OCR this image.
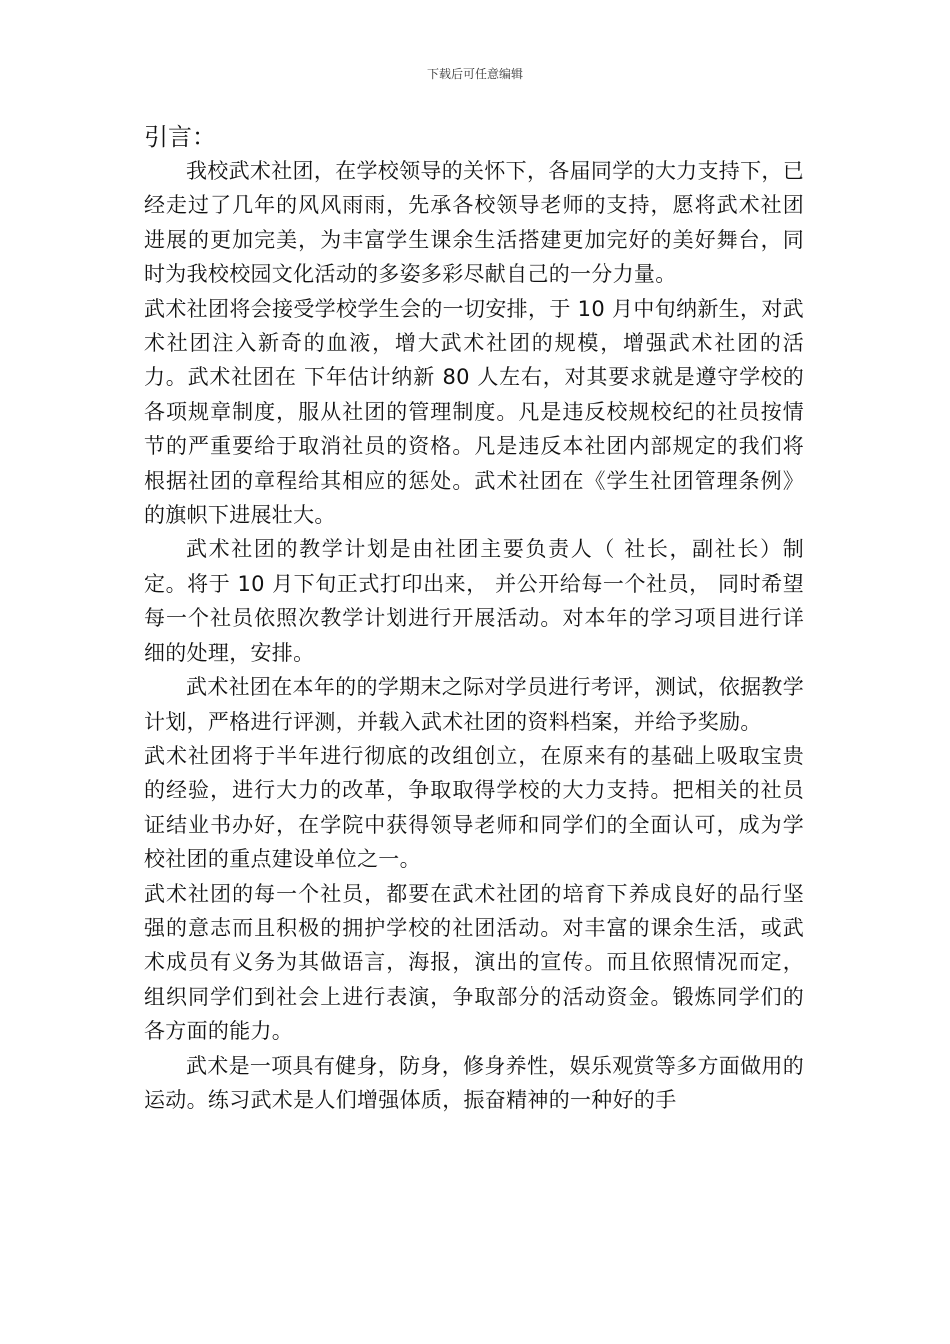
下载后可任意编辑
引言：

我校武术社团，在学校领导的关怀下，各届同学的大力支持下，已经走过了几年的风风雨雨，先承各校领导老师的支持，愿将武术社团进展的更加完美，为丰富学生课余生活搭建更加完好的美好舞台，同时为我校校园文化活动的多姿多彩尽献自己的一分力量。

武术社团将会接受学校学生会的一切安排，于 10 月中旬纳新生，对武术社团注入新奇的血液，增大武术社团的规模，增强武术社团的活力。武术社团在 下年估计纳新 80 人左右，对其要求就是遵守学校的各项规章制度，服从社团的管理制度。凡是违反校规校纪的社员按情节的严重要给于取消社员的资格。凡是违反本社团内部规定的我们将根据社团的章程给其相应的惩处。武术社团在《学生社团管理条例》的旗帜下进展壮大。

武术社团的教学计划是由社团主要负责人（ 社长，副社长）制定。将于 10 月下旬正式打印出来， 并公开给每一个社员， 同时希望每一个社员依照次教学计划进行开展活动。对本年的学习项目进行详细的处理，安排。

武术社团在本年的的学期末之际对学员进行考评，测试，依据教学计划，严格进行评测，并载入武术社团的资料档案，并给予奖励。

武术社团将于半年进行彻底的改组创立，在原来有的基础上吸取宝贵的经验，进行大力的改革，争取取得学校的大力支持。把相关的社员证结业书办好，在学院中获得领导老师和同学们的全面认可，成为学校社团的重点建设单位之一。

武术社团的每一个社员，都要在武术社团的培育下养成良好的品行坚强的意志而且积极的拥护学校的社团活动。对丰富的课余生活，或武术成员有义务为其做语言，海报，演出的宣传。而且依照情况而定，组织同学们到社会上进行表演，争取部分的活动资金。锻炼同学们的各方面的能力。

武术是一项具有健身，防身，修身养性，娱乐观赏等多方面做用的运动。练习武术是人们增强体质，振奋精神的一种好的手
